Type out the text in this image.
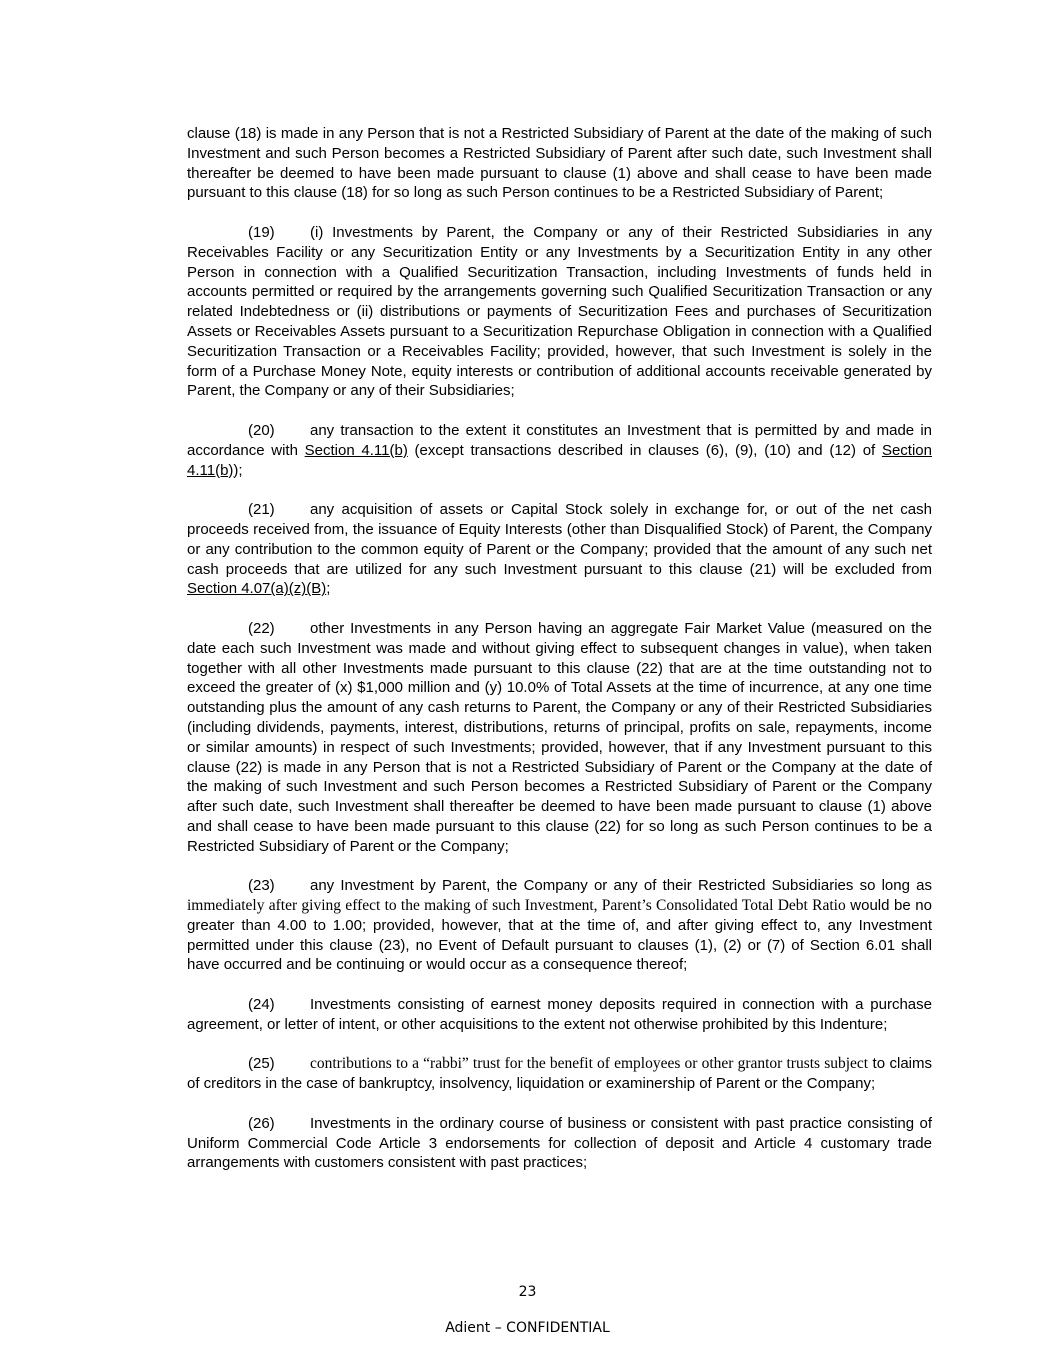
clause (18) is made in any Person that is not a Restricted Subsidiary of Parent at the date of the making of such Investment and such Person becomes a Restricted Subsidiary of Parent after such date, such Investment shall thereafter be deemed to have been made pursuant to clause (1) above and shall cease to have been made pursuant to this clause (18) for so long as such Person continues to be a Restricted Subsidiary of Parent;

(19) (i) Investments by Parent, the Company or any of their Restricted Subsidiaries in any Receivables Facility or any Securitization Entity or any Investments by a Securitization Entity in any other Person in connection with a Qualified Securitization Transaction, including Investments of funds held in accounts permitted or required by the arrangements governing such Qualified Securitization Transaction or any related Indebtedness or (ii) distributions or payments of Securitization Fees and purchases of Securitization Assets or Receivables Assets pursuant to a Securitization Repurchase Obligation in connection with a Qualified Securitization Transaction or a Receivables Facility; provided, however, that such Investment is solely in the form of a Purchase Money Note, equity interests or contribution of additional accounts receivable generated by Parent, the Company or any of their Subsidiaries;

(20) any transaction to the extent it constitutes an Investment that is permitted by and made in accordance with Section 4.11(b) (except transactions described in clauses (6), (9), (10) and (12) of Section 4.11(b));

(21) any acquisition of assets or Capital Stock solely in exchange for, or out of the net cash proceeds received from, the issuance of Equity Interests (other than Disqualified Stock) of Parent, the Company or any contribution to the common equity of Parent or the Company; provided that the amount of any such net cash proceeds that are utilized for any such Investment pursuant to this clause (21) will be excluded from Section 4.07(a)(z)(B);

(22) other Investments in any Person having an aggregate Fair Market Value (measured on the date each such Investment was made and without giving effect to subsequent changes in value), when taken together with all other Investments made pursuant to this clause (22) that are at the time outstanding not to exceed the greater of (x) $1,000 million and (y) 10.0% of Total Assets at the time of incurrence, at any one time outstanding plus the amount of any cash returns to Parent, the Company or any of their Restricted Subsidiaries (including dividends, payments, interest, distributions, returns of principal, profits on sale, repayments, income or similar amounts) in respect of such Investments; provided, however, that if any Investment pursuant to this clause (22) is made in any Person that is not a Restricted Subsidiary of Parent or the Company at the date of the making of such Investment and such Person becomes a Restricted Subsidiary of Parent or the Company after such date, such Investment shall thereafter be deemed to have been made pursuant to clause (1) above and shall cease to have been made pursuant to this clause (22) for so long as such Person continues to be a Restricted Subsidiary of Parent or the Company;

(23) any Investment by Parent, the Company or any of their Restricted Subsidiaries so long as immediately after giving effect to the making of such Investment, Parent’s Consolidated Total Debt Ratio would be no greater than 4.00 to 1.00; provided, however, that at the time of, and after giving effect to, any Investment permitted under this clause (23), no Event of Default pursuant to clauses (1), (2) or (7) of Section 6.01 shall have occurred and be continuing or would occur as a consequence thereof;

(24) Investments consisting of earnest money deposits required in connection with a purchase agreement, or letter of intent, or other acquisitions to the extent not otherwise prohibited by this Indenture;

(25) contributions to a “rabbi” trust for the benefit of employees or other grantor trusts subject to claims of creditors in the case of bankruptcy, insolvency, liquidation or examinership of Parent or the Company;

(26) Investments in the ordinary course of business or consistent with past practice consisting of Uniform Commercial Code Article 3 endorsements for collection of deposit and Article 4 customary trade arrangements with customers consistent with past practices;

23
Adient – CONFIDENTIAL
